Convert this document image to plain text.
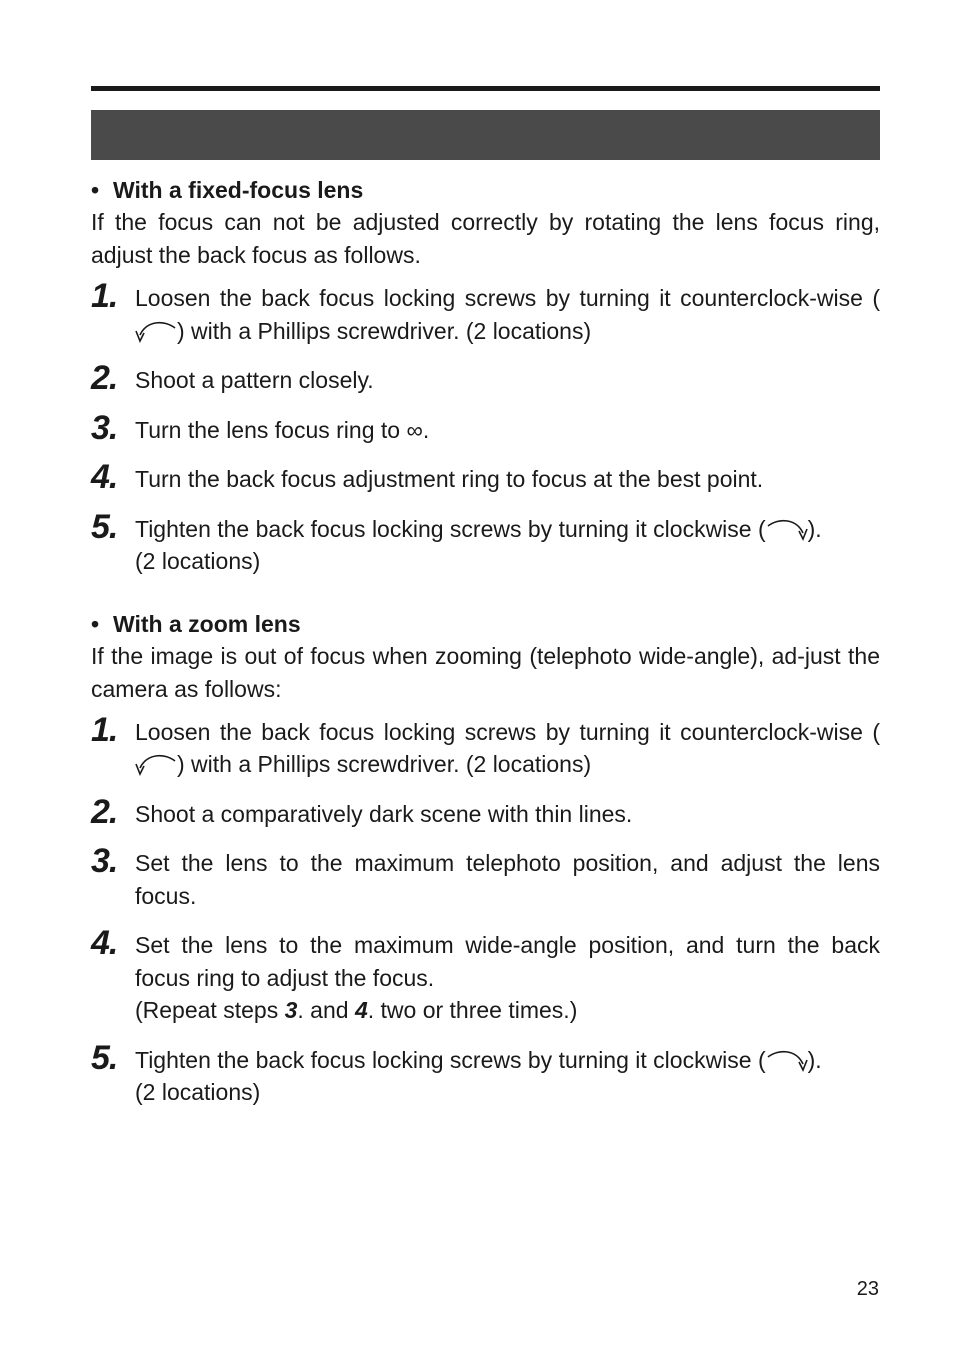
• With a fixed-focus lens

If the focus can not be adjusted correctly by rotating the lens focus ring, adjust the back focus as follows.

1. Loosen the back focus locking screws by turning it counterclock-wise (
) with a Phillips screwdriver. (2 locations)
2. Shoot a pattern closely.
3. Turn the lens focus ring to ∞.
4. Turn the back focus adjustment ring to focus at the best point.
5. Tighten the back focus locking screws by turning it clockwise ( ).
(2 locations)

• With a zoom lens

If the image is out of focus when zooming (telephoto wide-angle), ad-just the camera as follows:

1. Loosen the back focus locking screws by turning it counterclock-wise (
) with a Phillips screwdriver. (2 locations)
2. Shoot a comparatively dark scene with thin lines.
3. Set the lens to the maximum telephoto position, and adjust the lens focus.
4. Set the lens to the maximum wide-angle position, and turn the back focus ring to adjust the focus.
(Repeat steps 3. and 4. two or three times.)
5. Tighten the back focus locking screws by turning it clockwise ( ).
(2 locations)
23
